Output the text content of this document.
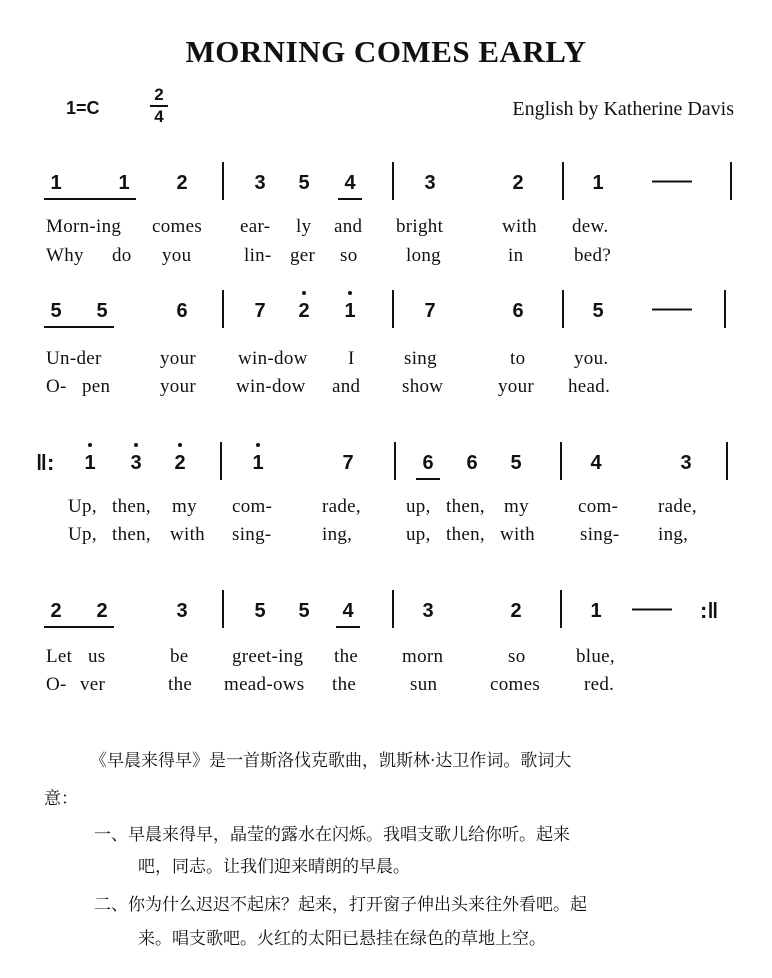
MORNING COMES EARLY
1=C
2
4	English by Katherine Davis
1	1	2	3	5	4	3	2	1	——
Morn-ing comes ear- ly and bright	with dew.
Why do you	lin- ger so	long	in	bed?
5	5	6	7	2	1	7	6	5	——
Un-der	your win-dow I	sing	to	you.
O- pen	your win-dow and show	your head.
‖:	1	3	2	1	7	6	6	5	4	3
Up, then, my com-	rade, up, then, my	com- rade,
Up, then, with sing-	ing,	up, then, with sing- ing,
2	2	3	5	5	4	3	2	1	—— :‖
Let us	be greet-ing the morn	so	blue,
O- ver	the mead-ows the	sun	comes red.
《早晨来得早》是一首斯洛伐克歌曲，凯斯林·达卫作词。歌词大
意：
一、早晨来得早，晶莹的露水在闪烁。我唱支歌儿给你听。起来
吧，同志。让我们迎来晴朗的早晨。
二、你为什么迟迟不起床？起来，打开窗子伸出头来往外看吧。起
来。唱支歌吧。火红的太阳已悬挂在绿色的草地上空。
